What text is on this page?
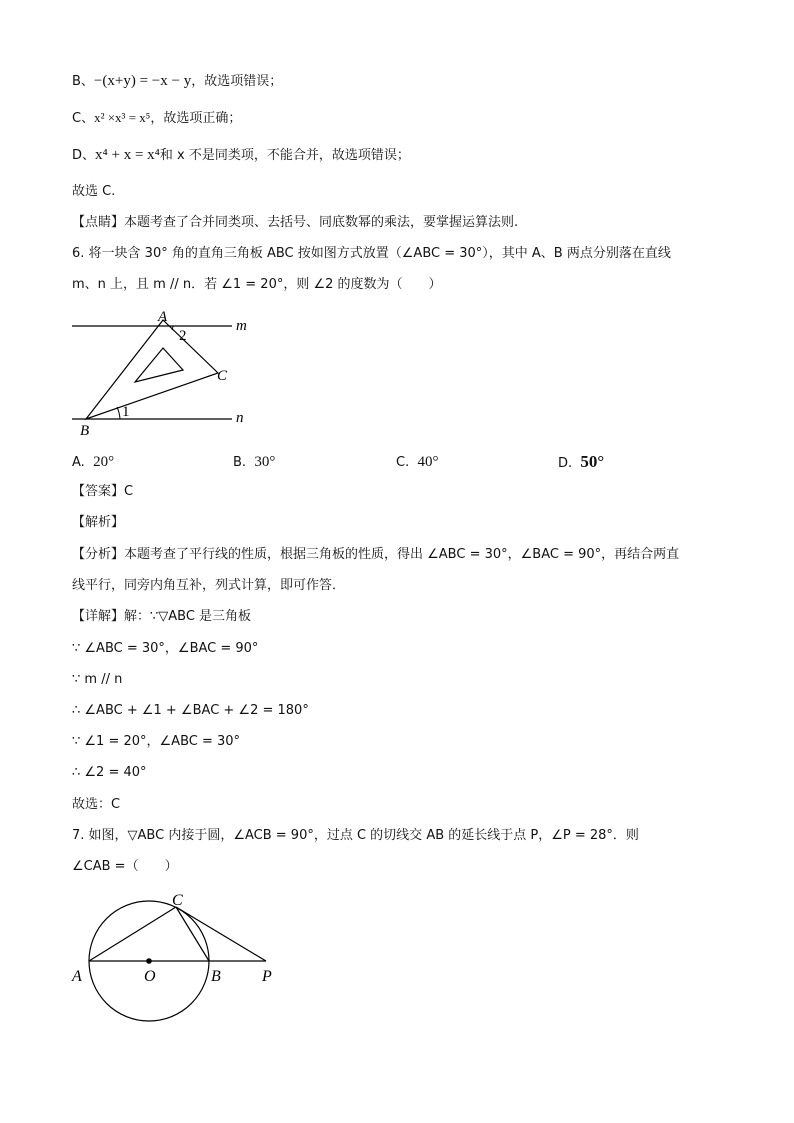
B、−(x+y) = −x − y，故选项错误；
C、x² ×x³ = x⁵，故选项正确；
D、x⁴ + x = x⁴和 x 不是同类项，不能合并，故选项错误；
故选 C.
【点睛】本题考查了合并同类项、去括号、同底数幂的乘法，要掌握运算法则.
6. 将一块含 30° 角的直角三角板 ABC 按如图方式放置（∠ABC = 30°），其中 A、B 两点分别落在直线
m、n 上，且 m // n．若 ∠1 = 20°，则 ∠2 的度数为（　　）
A
2
m
C
1	n
B
A. 20°	B. 30°	C. 40°	D. 50°
【答案】C
【解析】
【分析】本题考查了平行线的性质，根据三角板的性质，得出 ∠ABC = 30°，∠BAC = 90°，再结合两直
线平行，同旁内角互补，列式计算，即可作答．
【详解】解：∵▽ABC 是三角板
∵ ∠ABC = 30°，∠BAC = 90°
∵ m // n
∴ ∠ABC + ∠1 + ∠BAC + ∠2 = 180°
∵ ∠1 = 20°，∠ABC = 30°
∴ ∠2 = 40°
故选：C
7. 如图，▽ABC 内接于圆，∠ACB = 90°，过点 C 的切线交 AB 的延长线于点 P，∠P = 28°．则
∠CAB =（　　）
C
A	O	B	P
